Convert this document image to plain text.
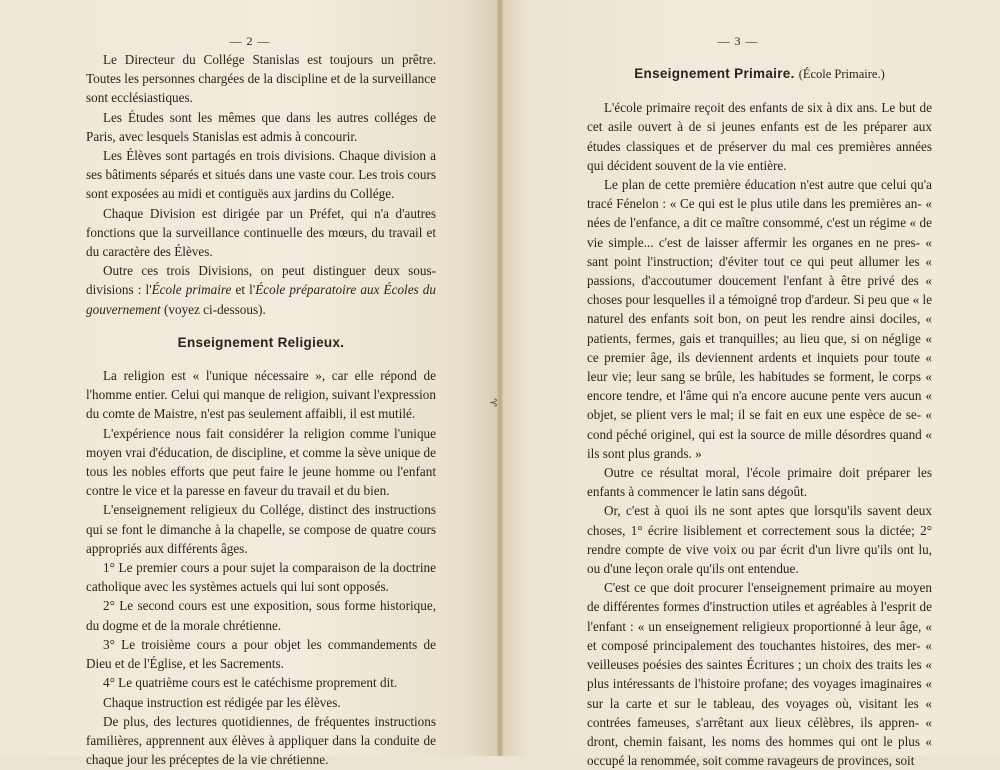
— 2 —

Le Directeur du Collége Stanislas est toujours un prêtre. Toutes les personnes chargées de la discipline et de la surveillance sont ecclésiastiques.

Les Études sont les mêmes que dans les autres colléges de Paris, avec lesquels Stanislas est admis à concourir.

Les Élèves sont partagés en trois divisions. Chaque division a ses bâtiments séparés et situés dans une vaste cour. Les trois cours sont exposées au midi et contiguës aux jardins du Collége.

Chaque Division est dirigée par un Préfet, qui n'a d'autres fonctions que la surveillance continuelle des mœurs, du travail et du caractère des Élèves.

Outre ces trois Divisions, on peut distinguer deux sous-divisions : l'École primaire et l'École préparatoire aux Écoles du gouvernement (voyez ci-dessous).

Enseignement Religieux.

La religion est « l'unique nécessaire », car elle répond de l'homme entier. Celui qui manque de religion, suivant l'expression du comte de Maistre, n'est pas seulement affaibli, il est mutilé.

L'expérience nous fait considérer la religion comme l'unique moyen vrai d'éducation, de discipline, et comme la sève unique de tous les nobles efforts que peut faire le jeune homme ou l'enfant contre le vice et la paresse en faveur du travail et du bien.

L'enseignement religieux du Collége, distinct des instructions qui se font le dimanche à la chapelle, se compose de quatre cours appropriés aux différents âges.

1° Le premier cours a pour sujet la comparaison de la doctrine catholique avec les systèmes actuels qui lui sont opposés.

2° Le second cours est une exposition, sous forme historique, du dogme et de la morale chrétienne.

3° Le troisième cours a pour objet les commandements de Dieu et de l'Église, et les Sacrements.

4° Le quatrième cours est le catéchisme proprement dit.

Chaque instruction est rédigée par les élèves.

De plus, des lectures quotidiennes, de fréquentes instructions familières, apprennent aux élèves à appliquer dans la conduite de chaque jour les préceptes de la vie chrétienne.

— 3 —
Enseignement Primaire. (École Primaire.)

L'école primaire reçoit des enfants de six à dix ans. Le but de cet asile ouvert à de si jeunes enfants est de les préparer aux études classiques et de préserver du mal ces premières années qui décident souvent de la vie entière.

Le plan de cette première éducation n'est autre que celui qu'a tracé Fénelon : « Ce qui est le plus utile dans les premières an- « nées de l'enfance, a dit ce maître consommé, c'est un régime « de vie simple... c'est de laisser affermir les organes en ne pres- « sant point l'instruction; d'éviter tout ce qui peut allumer les « passions, d'accoutumer doucement l'enfant à être privé des « choses pour lesquelles il a témoigné trop d'ardeur. Si peu que « le naturel des enfants soit bon, on peut les rendre ainsi dociles, « patients, fermes, gais et tranquilles; au lieu que, si on néglige « ce premier âge, ils deviennent ardents et inquiets pour toute « leur vie; leur sang se brûle, les habitudes se forment, le corps « encore tendre, et l'âme qui n'a encore aucune pente vers aucun « objet, se plient vers le mal; il se fait en eux une espèce de se- « cond péché originel, qui est la source de mille désordres quand « ils sont plus grands. »

Outre ce résultat moral, l'école primaire doit préparer les enfants à commencer le latin sans dégoût.

Or, c'est à quoi ils ne sont aptes que lorsqu'ils savent deux choses, 1° écrire lisiblement et correctement sous la dictée; 2° rendre compte de vive voix ou par écrit d'un livre qu'ils ont lu, ou d'une leçon orale qu'ils ont entendue.

C'est ce que doit procurer l'enseignement primaire au moyen de différentes formes d'instruction utiles et agréables à l'esprit de l'enfant : « un enseignement religieux proportionné à leur âge, « et composé principalement des touchantes histoires, des mer- « veilleuses poésies des saintes Écritures ; un choix des traits les « plus intéressants de l'histoire profane; des voyages imaginaires « sur la carte et sur le tableau, des voyages où, visitant les « contrées fameuses, s'arrêtant aux lieux célèbres, ils appren- « dront, chemin faisant, les noms des hommes qui ont le plus « occupé la renommée, soit comme ravageurs de provinces, soit

⊰
